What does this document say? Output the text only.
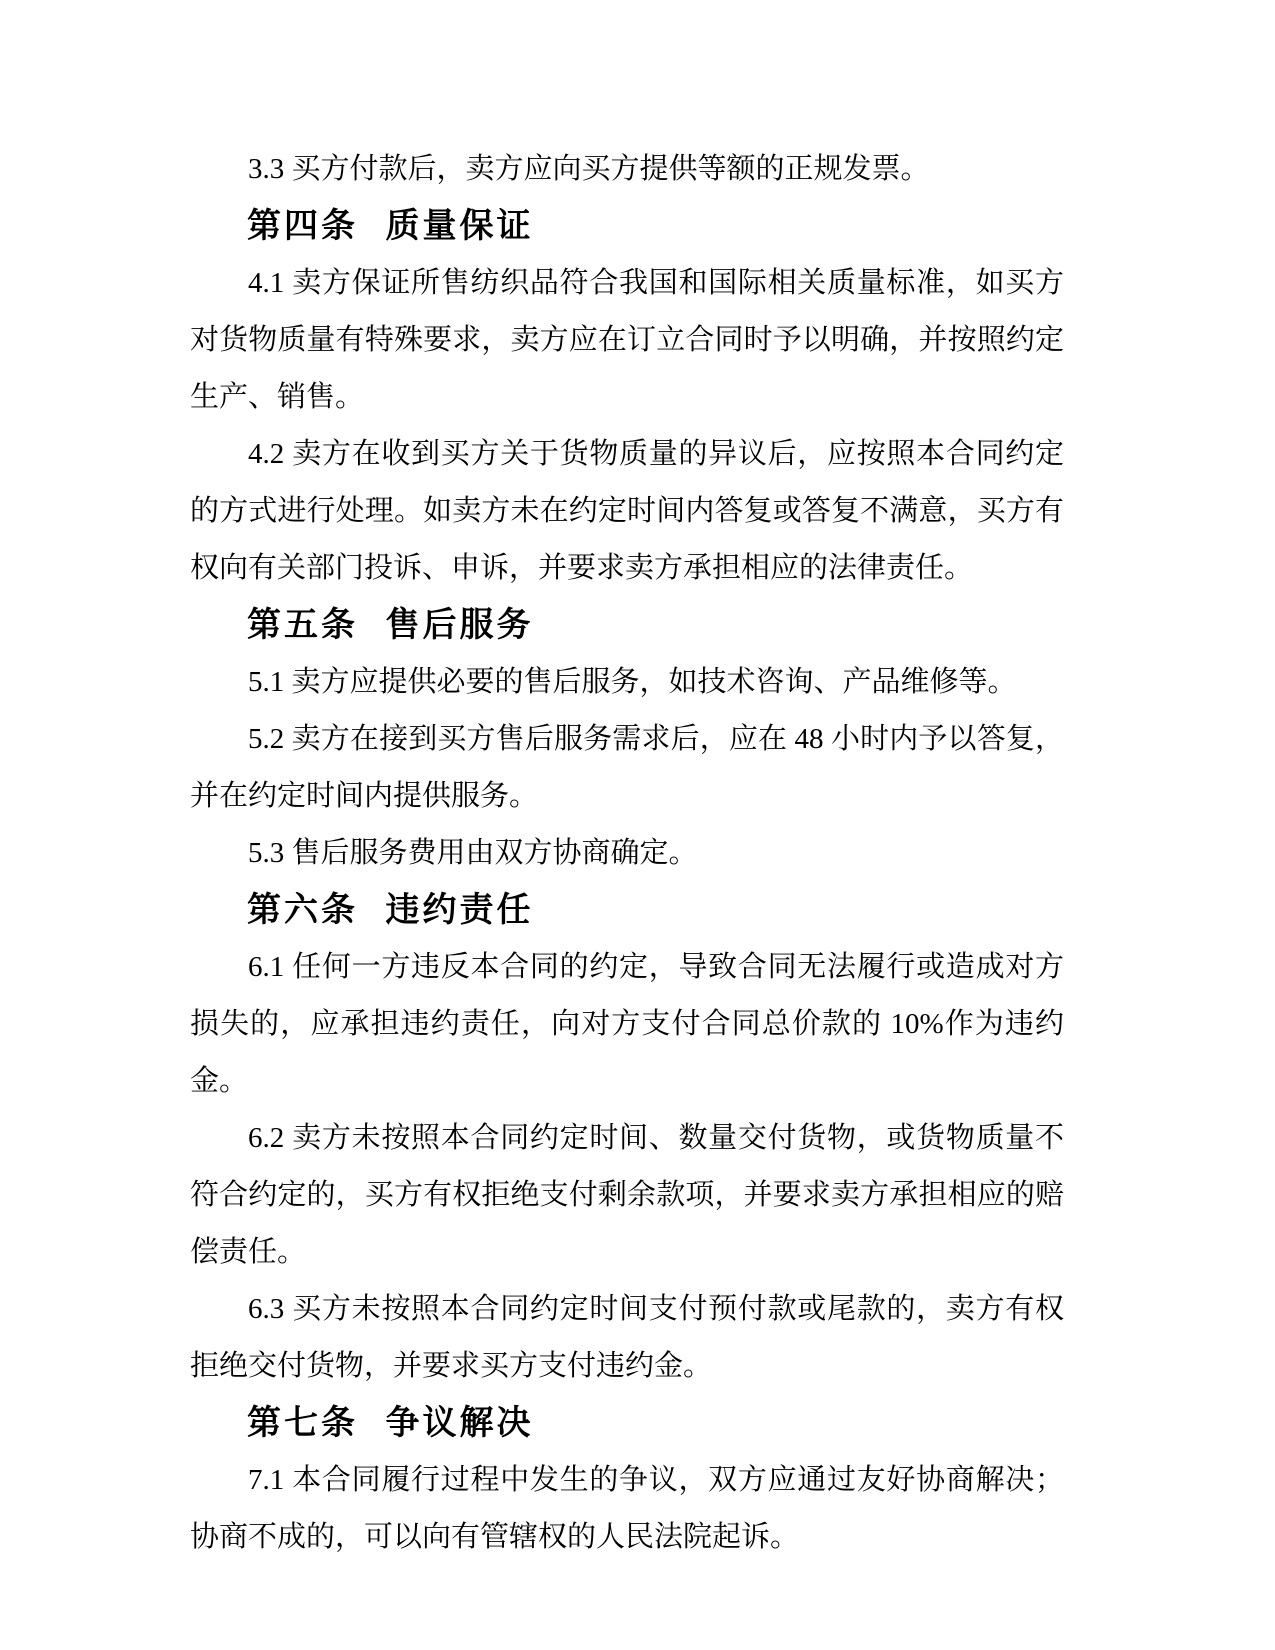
3.3 买方付款后，卖方应向买方提供等额的正规发票。

第四条 质量保证

4.1 卖方保证所售纺织品符合我国和国际相关质量标准，如买方对货物质量有特殊要求，卖方应在订立合同时予以明确，并按照约定生产、销售。

4.2 卖方在收到买方关于货物质量的异议后，应按照本合同约定的方式进行处理。如卖方未在约定时间内答复或答复不满意，买方有权向有关部门投诉、申诉，并要求卖方承担相应的法律责任。

第五条 售后服务

5.1 卖方应提供必要的售后服务，如技术咨询、产品维修等。

5.2 卖方在接到买方售后服务需求后，应在 48 小时内予以答复，并在约定时间内提供服务。

5.3 售后服务费用由双方协商确定。

第六条 违约责任

6.1 任何一方违反本合同的约定，导致合同无法履行或造成对方损失的，应承担违约责任，向对方支付合同总价款的 10%作为违约金。

6.2 卖方未按照本合同约定时间、数量交付货物，或货物质量不符合约定的，买方有权拒绝支付剩余款项，并要求卖方承担相应的赔偿责任。

6.3 买方未按照本合同约定时间支付预付款或尾款的，卖方有权拒绝交付货物，并要求买方支付违约金。

第七条 争议解决

7.1 本合同履行过程中发生的争议，双方应通过友好协商解决；协商不成的，可以向有管辖权的人民法院起诉。
